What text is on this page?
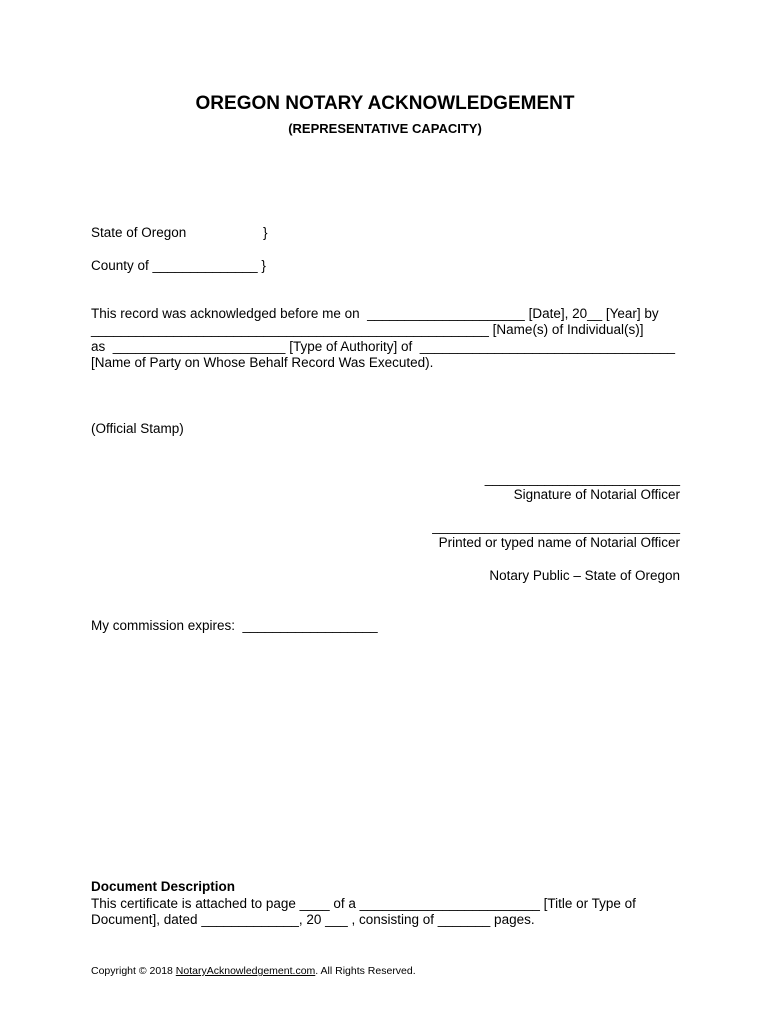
OREGON NOTARY ACKNOWLEDGEMENT
(REPRESENTATIVE CAPACITY)
State of Oregon	}
County of ______________ }
This record was acknowledged before me on  _____________________ [Date], 20__ [Year] by
_____________________________________________________ [Name(s) of Individual(s)]
as  _______________________ [Type of Authority] of  __________________________________
[Name of Party on Whose Behalf Record Was Executed).
(Official Stamp)
__________________________
Signature of Notarial Officer
_________________________________
Printed or typed name of Notarial Officer
Notary Public – State of Oregon
My commission expires:  __________________
Document Description
This certificate is attached to page ____ of a ________________________ [Title or Type of
Document], dated _____________, 20 ___ , consisting of _______ pages.
Copyright © 2018 NotaryAcknowledgement.com. All Rights Reserved.
